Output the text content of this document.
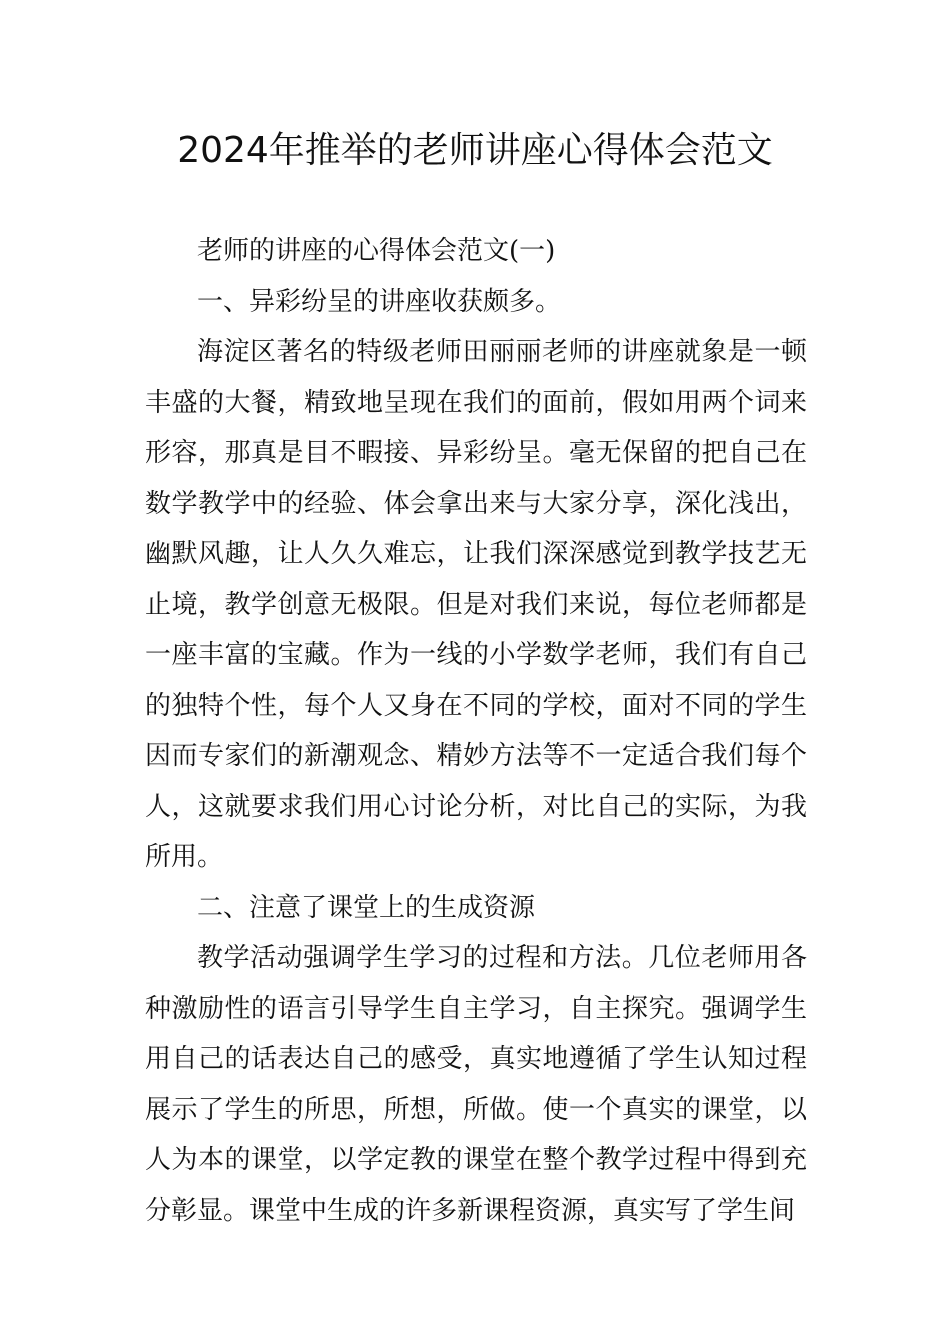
2024年推举的老师讲座心得体会范文

老师的讲座的心得体会范文(一)

一、异彩纷呈的讲座收获颇多。

海淀区著名的特级老师田丽丽老师的讲座就象是一顿丰盛的大餐，精致地呈现在我们的面前，假如用两个词来形容，那真是目不暇接、异彩纷呈。毫无保留的把自己在数学教学中的经验、体会拿出来与大家分享，深化浅出，幽默风趣，让人久久难忘，让我们深深感觉到教学技艺无止境，教学创意无极限。但是对我们来说，每位老师都是一座丰富的宝藏。作为一线的小学数学老师，我们有自己的独特个性，每个人又身在不同的学校，面对不同的学生因而专家们的新潮观念、精妙方法等不一定适合我们每个人，这就要求我们用心讨论分析，对比自己的实际，为我所用。

二、注意了课堂上的生成资源

教学活动强调学生学习的过程和方法。几位老师用各种激励性的语言引导学生自主学习，自主探究。强调学生用自己的话表达自己的感受，真实地遵循了学生认知过程展示了学生的所思，所想，所做。使一个真实的课堂，以人为本的课堂，以学定教的课堂在整个教学过程中得到充分彰显。课堂中生成的许多新课程资源，真实写了学生间
